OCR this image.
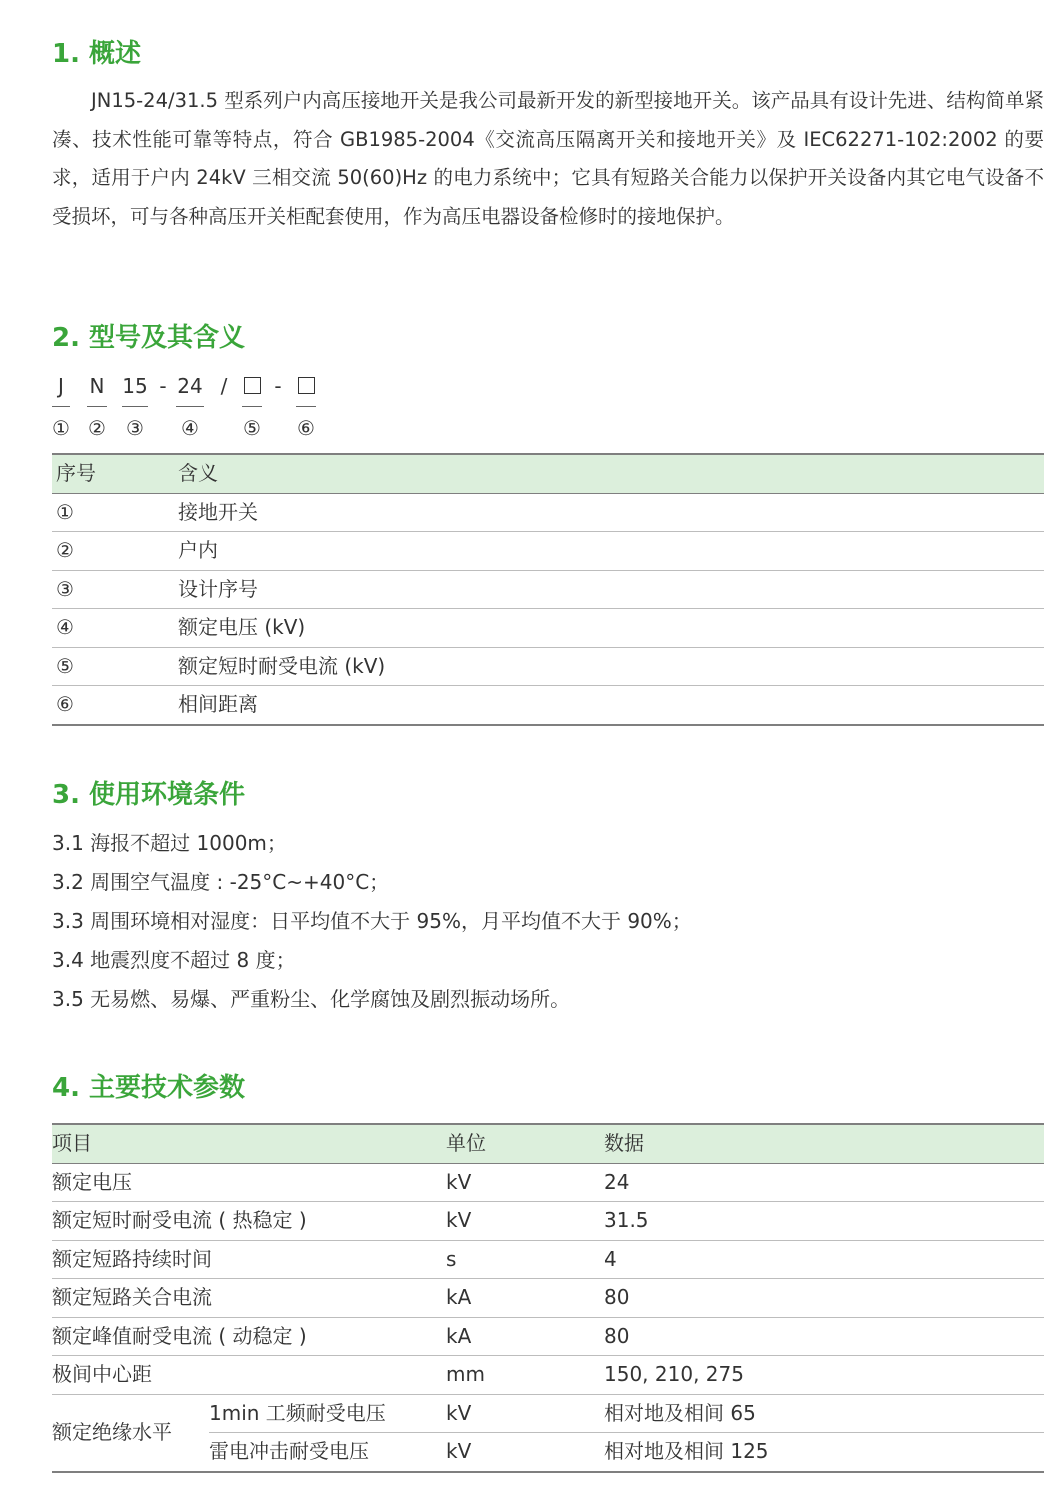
1. 概述

JN15-24/31.5 型系列户内高压接地开关是我公司最新开发的新型接地开关。该产品具有设计先进、结构简单紧凑、技术性能可靠等特点，符合 GB1985-2004《交流高压隔离开关和接地开关》及 IEC62271-102:2002 的要求，适用于户内 24kV 三相交流 50(60)Hz 的电力系统中；它具有短路关合能力以保护开关设备内其它电气设备不受损坏，可与各种高压开关柜配套使用，作为高压电器设备检修时的接地保护。

2. 型号及其含义
J	N 15 - 24 / -
① ② ③ ④ ⑤ ⑥
序号	含义
①	接地开关
②	户内
③	设计序号
④	额定电压 (kV)
⑤	额定短时耐受电流 (kV)
⑥	相间距离
3. 使用环境条件
3.1 海报不超过 1000m；
3.2 周围空气温度 : -25°C~+40°C；
3.3 周围环境相对湿度：日平均值不大于 95%，月平均值不大于 90%；
3.4 地震烈度不超过 8 度；
3.5 无易燃、易爆、严重粉尘、化学腐蚀及剧烈振动场所。
4. 主要技术参数
项目		单位	数据
额定电压		kV	24
额定短时耐受电流 ( 热稳定 )		kV	31.5
额定短路持续时间		s	4
额定短路关合电流		kA	80
额定峰值耐受电流 ( 动稳定 )		kA	80
极间中心距		mm	150, 210, 275
额定绝缘水平	1min 工频耐受电压	kV	相对地及相间 65
	雷电冲击耐受电压	kV	相对地及相间 125
